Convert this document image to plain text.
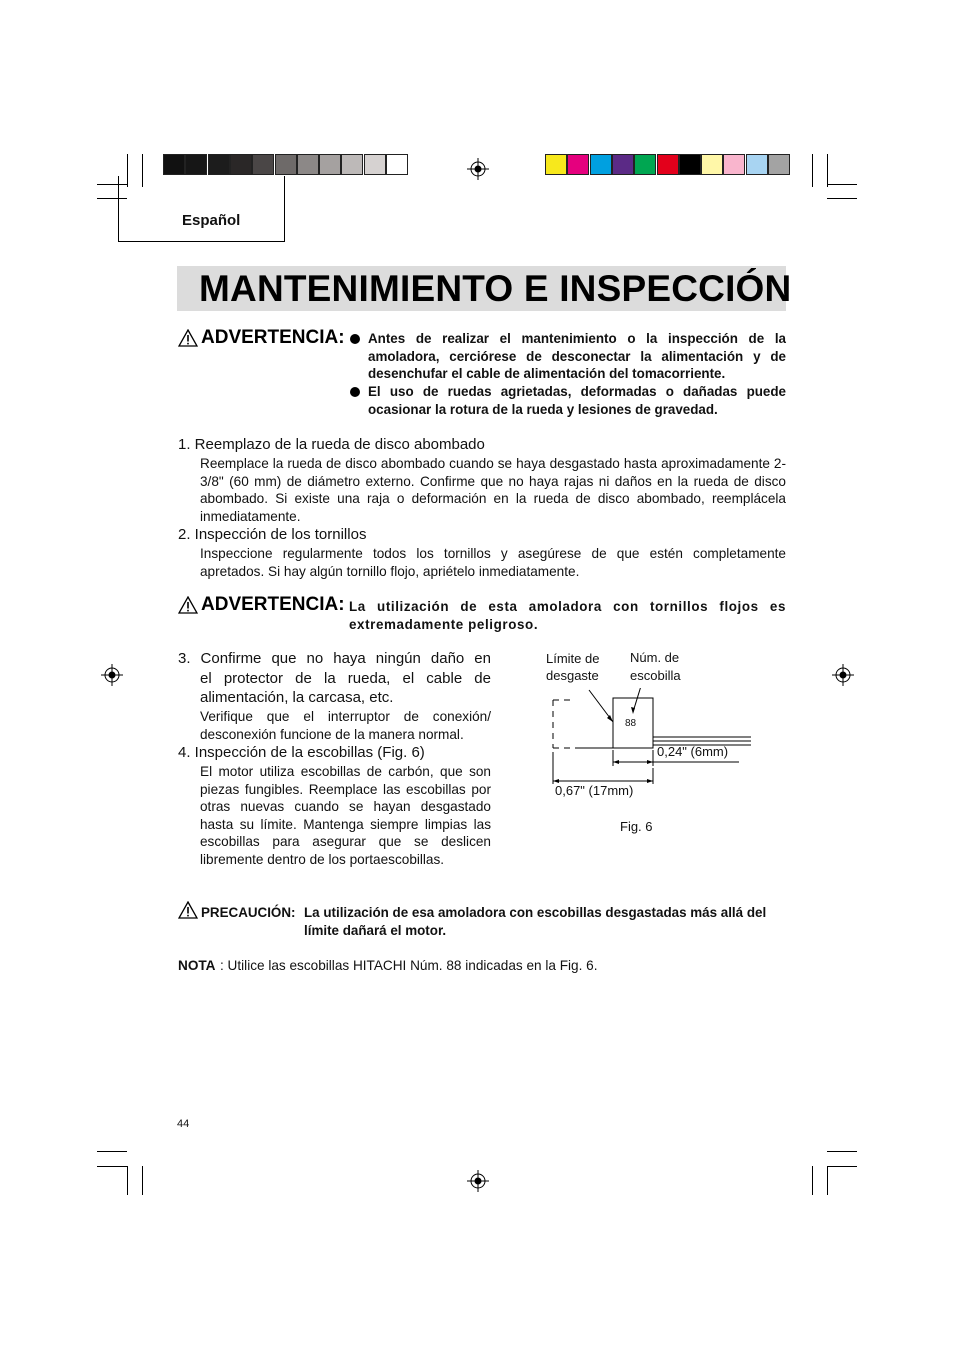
Español
MANTENIMIENTO E INSPECCIÓN
ADVERTENCIA: Antes de realizar el mantenimiento o la inspección de la amoladora, cerciórese de desconectar la alimentación y de desenchufar el cable de alimentación del tomacorriente.
El uso de ruedas agrietadas, deformadas o dañadas puede ocasionar la rotura de la rueda y lesiones de gravedad.
1. Reemplazo de la rueda de disco abombado
Reemplace la rueda de disco abombado cuando se haya desgastado hasta aproximadamente 2-3/8" (60 mm) de diámetro externo. Confirme que no haya rajas ni daños en la rueda de disco abombado. Si existe una raja o deformación en la rueda de disco abombado, reemplácela inmediatamente.
2. Inspección de los tornillos
Inspeccione regularmente todos los tornillos y asegúrese de que estén completamente apretados. Si hay algún tornillo flojo, apriételo inmediatamente.
ADVERTENCIA: La utilización de esta amoladora con tornillos flojos es extremadamente peligroso.
3. Confirme que no haya ningún daño en
el protector de la rueda, el cable de
alimentación, la carcasa, etc.
Verifique que el interruptor de conexión/ desconexión funcione de la manera normal.
4. Inspección de la escobillas (Fig. 6)
El motor utiliza escobillas de carbón, que son piezas fungibles. Reemplace las escobillas por otras nuevas cuando se hayan desgastado hasta su límite. Mantenga siempre limpias las escobillas para asegurar que se deslicen libremente dentro de los portaescobillas.
Límite de
desgaste
Núm. de
escobilla
88
0,24" (6mm)
0,67" (17mm)
Fig. 6
PRECAUCIÓN: La utilización de esa amoladora con escobillas desgastadas más allá del límite dañará el motor.
NOTA : Utilice las escobillas HITACHI Núm. 88 indicadas en la Fig. 6.
44
